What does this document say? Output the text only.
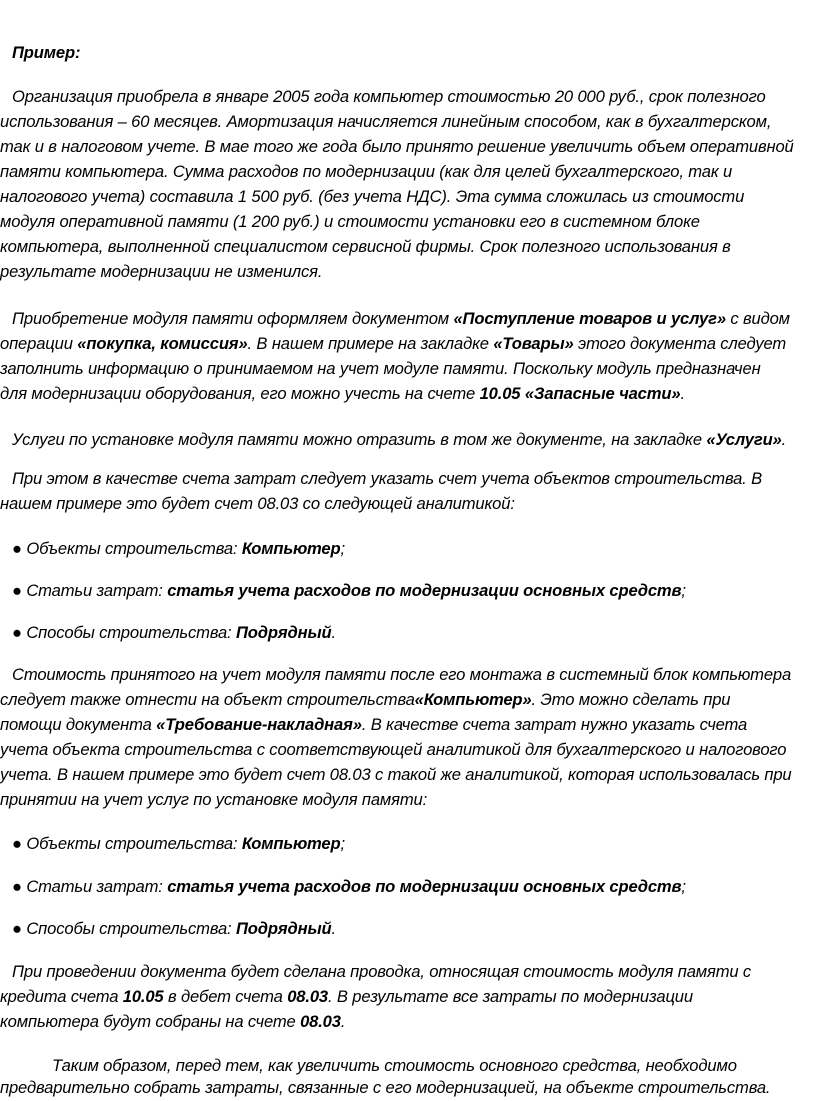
Пример:
Организация приобрела в январе 2005 года компьютер стоимостью 20 000 руб., срок полезного
использования – 60 месяцев. Амортизация начисляется линейным способом, как в бухгалтерском,
так и в налоговом учете. В мае того же года было принято решение увеличить объем оперативной
памяти компьютера. Сумма расходов по модернизации (как для целей бухгалтерского, так и
налогового учета) составила 1 500 руб. (без учета НДС). Эта сумма сложилась из стоимости
модуля оперативной памяти (1 200 руб.) и стоимости установки его в системном блоке
компьютера, выполненной специалистом сервисной фирмы. Срок полезного использования в
результате модернизации не изменился.
Приобретение модуля памяти оформляем документом «Поступление товаров и услуг» с видом
операции «покупка, комиссия». В нашем примере на закладке «Товары» этого документа следует
заполнить информацию о принимаемом на учет модуле памяти. Поскольку модуль предназначен
для модернизации оборудования, его можно учесть на счете 10.05 «Запасные части».
Услуги по установке модуля памяти можно отразить в том же документе, на закладке «Услуги».
При этом в качестве счета затрат следует указать счет учета объектов строительства. В
нашем примере это будет счет 08.03 со следующей аналитикой:
● Объекты строительства: Компьютер;
● Статьи затрат: статья учета расходов по модернизации основных средств;
● Способы строительства: Подрядный.
Стоимость принятого на учет модуля памяти после его монтажа в системный блок компьютера
следует также отнести на объект строительства«Компьютер». Это можно сделать при
помощи документа «Требование-накладная». В качестве счета затрат нужно указать счета
учета объекта строительства с соответствующей аналитикой для бухгалтерского и налогового
учета. В нашем примере это будет счет 08.03 с такой же аналитикой, которая использовалась при
принятии на учет услуг по установке модуля памяти:
● Объекты строительства: Компьютер;
● Статьи затрат: статья учета расходов по модернизации основных средств;
● Способы строительства: Подрядный.
При проведении документа будет сделана проводка, относящая стоимость модуля памяти с
кредита счета 10.05 в дебет счета 08.03. В результате все затраты по модернизации
компьютера будут собраны на счете 08.03.
Таким образом, перед тем, как увеличить стоимость основного средства, необходимо
предварительно собрать затраты, связанные с его модернизацией, на объекте строительства.
